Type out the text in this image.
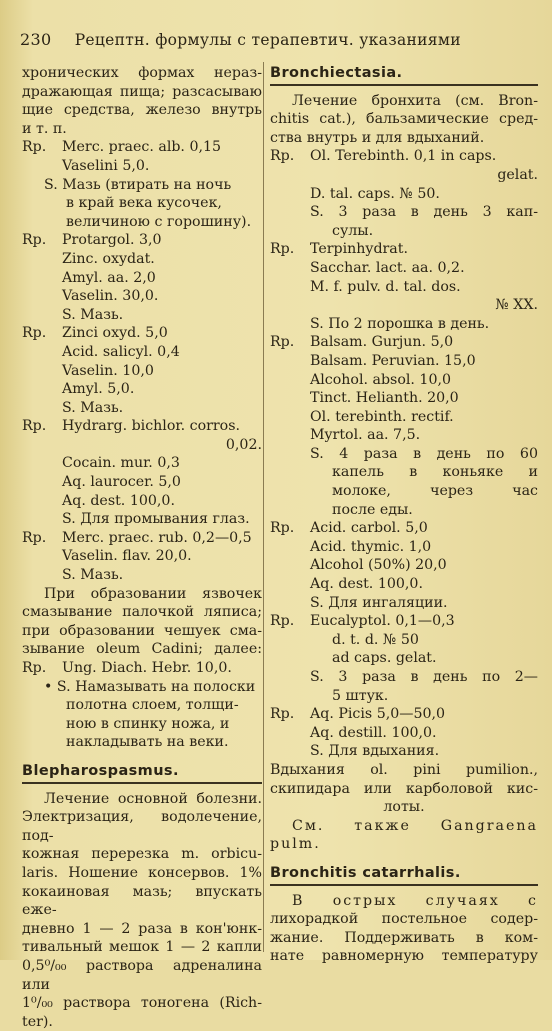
230 Рецептн. формулы с терапевтич. указаниями

хронических формах нераз-

дражающая пища; разсасываю

щие средства, железо внутрь

и т. п.

Rp.	Merc. praec. alb. 0,15
Vaselini 5,0.
S. Мазь (втирать на ночь
в край века кусочек,
величиною с горошину).
Rp.	Protargol. 3,0
Zinc. oxydat.
Amyl. aa. 2,0
Vaselin. 30,0.
S. Мазь.
Rp.	Zinci oxyd. 5,0
Acid. salicyl. 0,4
Vaselin. 10,0
Amyl. 5,0.
S. Мазь.
Rp.	Hydrarg. bichlor. corros.
0,02.
Cocain. mur. 0,3
Aq. laurocer. 5,0
Aq. dest. 100,0.
S. Для промывания глаз.
Rp.	Merc. praec. rub. 0,2—0,5
Vaselin. flav. 20,0.
S. Мазь.

При образовании язвочек

смазывание палочкой ляписа;

при образовании чешуек сма-

зывание oleum Cadini; далее:

Rp.	Ung. Diach. Hebr. 10,0.
• S. Намазывать на полоски
полотна слоем, толщи-
ною в спинку ножа, и
накладывать на веки.
Blepharospasmus.

Лечение основной болезни.

Электризация, водолечение, под-

кожная перерезка m. orbicu-

laris. Ношение консервов. 1%

кокаиновая мазь; впускать еже-

дневно 1 — 2 раза в кон'юнк-

тивальный мешок 1 — 2 капли

0,5⁰/₀₀ раствора адреналина или

1⁰/₀₀ раствора тоногена (Rich-

ter).

Bronchiectasia.

Лечение бронхита (см. Bron-

chitis cat.), бальзамические сред-

ства внутрь и для вдыханий.

Rp.	Ol. Terebinth. 0,1 in caps.
gelat.
D. tal. caps. № 50.
S. 3 раза в день 3 кап-
сулы.
Rp.	Terpinhydrat.
Sacchar. lact. aa. 0,2.
M. f. pulv. d. tal. dos.
№ XX.
S. По 2 порошка в день.
Rp.	Balsam. Gurjun. 5,0
Balsam. Peruvian. 15,0
Alcohol. absol. 10,0
Tinct. Helianth. 20,0
Ol. terebinth. rectif.
Myrtol. aa. 7,5.
S. 4 раза в день по 60
капель в коньяке и
молоке, через час
после еды.
Rp.	Acid. carbol. 5,0
Acid. thymic. 1,0
Alcohol (50%) 20,0
Aq. dest. 100,0.
S. Для ингаляции.
Rp.	Eucalyptol. 0,1—0,3
d. t. d. № 50
ad caps. gelat.
S. 3 раза в день по 2—
5 штук.
Rp.	Aq. Picis 5,0—50,0
Aq. destill. 100,0.
S. Для вдыхания.

Вдыхания ol. pini pumilion.,

скипидара или карболовой кис-

лоты.

См. также Gangraena

pulm.

Bronchitis catarrhalis.

В острых случаях с

лихорадкой постельное содер-

жание. Поддерживать в ком-

нате равномерную температуру
